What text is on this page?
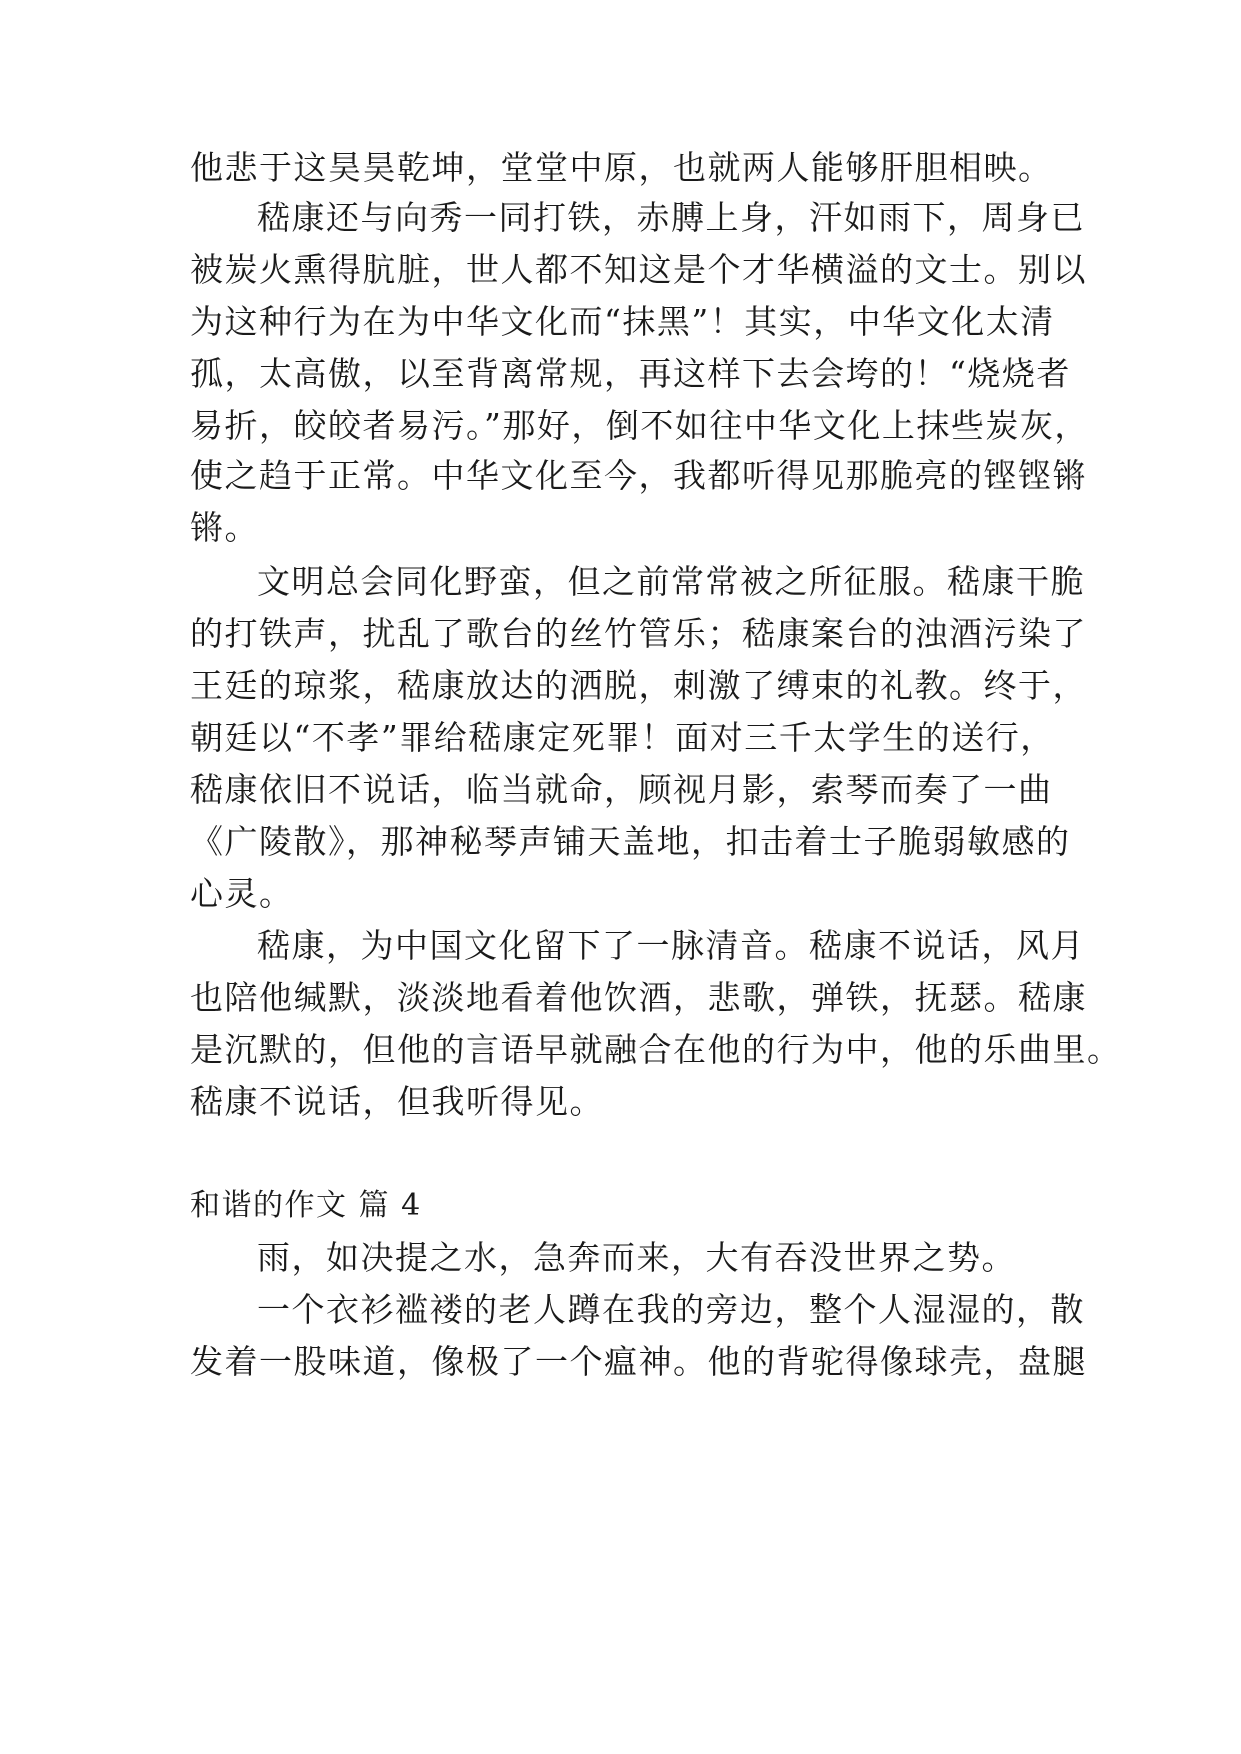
他悲于这昊昊乾坤，堂堂中原，也就两人能够肝胆相映。
嵇康还与向秀一同打铁，赤膊上身，汗如雨下，周身已
被炭火熏得肮脏，世人都不知这是个才华横溢的文士。别以
为这种行为在为中华文化而“抹黑”！其实，中华文化太清
孤，太高傲，以至背离常规，再这样下去会垮的！“烧烧者
易折，皎皎者易污。”那好，倒不如往中华文化上抹些炭灰，
使之趋于正常。中华文化至今，我都听得见那脆亮的铿铿锵
锵。
文明总会同化野蛮，但之前常常被之所征服。嵇康干脆
的打铁声，扰乱了歌台的丝竹管乐；嵇康案台的浊酒污染了
王廷的琼浆，嵇康放达的洒脱，刺激了缚束的礼教。终于，
朝廷以“不孝”罪给嵇康定死罪！面对三千太学生的送行，
嵇康依旧不说话，临当就命，顾视月影，索琴而奏了一曲
《广陵散》，那神秘琴声铺天盖地，扣击着士子脆弱敏感的
心灵。
嵇康，为中国文化留下了一脉清音。嵇康不说话，风月
也陪他缄默，淡淡地看着他饮酒，悲歌，弹铁，抚瑟。嵇康
是沉默的，但他的言语早就融合在他的行为中，他的乐曲里。
嵇康不说话，但我听得见。
和谐的作文 篇 4
雨，如决提之水，急奔而来，大有吞没世界之势。
一个衣衫褴褛的老人蹲在我的旁边，整个人湿湿的，散
发着一股味道，像极了一个瘟神。他的背驼得像球壳，盘腿
